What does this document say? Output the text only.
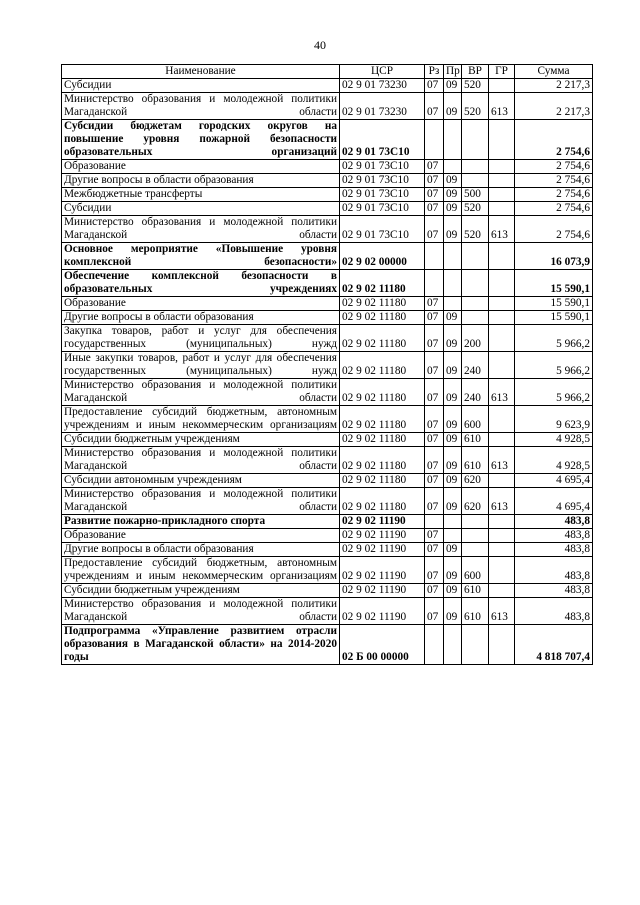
40
Наименование	ЦСР	Рз	Пр	ВР	ГР	Сумма
Субсидии	02 9 01 73230	07	09	520		2 217,3
Министерство образования и молодежной политики Магаданской области	02 9 01 73230	07	09	520	613	2 217,3
Субсидии бюджетам городских округов на повышение уровня пожарной безопасности образовательных организаций	02 9 01 73С10					2 754,6
Образование	02 9 01 73С10	07				2 754,6
Другие вопросы в области образования	02 9 01 73С10	07	09			2 754,6
Межбюджетные трансферты	02 9 01 73С10	07	09	500		2 754,6
Субсидии	02 9 01 73С10	07	09	520		2 754,6
Министерство образования и молодежной политики Магаданской области	02 9 01 73С10	07	09	520	613	2 754,6
Основное мероприятие «Повышение уровня комплексной безопасности»	02 9 02 00000					16 073,9
Обеспечение комплексной безопасности в образовательных учреждениях	02 9 02 11180					15 590,1
Образование	02 9 02 11180	07				15 590,1
Другие вопросы в области образования	02 9 02 11180	07	09			15 590,1
Закупка товаров, работ и услуг для обеспечения государственных (муниципальных) нужд	02 9 02 11180	07	09	200		5 966,2
Иные закупки товаров, работ и услуг для обеспечения государственных (муниципальных) нужд	02 9 02 11180	07	09	240		5 966,2
Министерство образования и молодежной политики Магаданской области	02 9 02 11180	07	09	240	613	5 966,2
Предоставление субсидий бюджетным, автономным учреждениям и иным некоммерческим организациям	02 9 02 11180	07	09	600		9 623,9
Субсидии бюджетным учреждениям	02 9 02 11180	07	09	610		4 928,5
Министерство образования и молодежной политики Магаданской области	02 9 02 11180	07	09	610	613	4 928,5
Субсидии автономным учреждениям	02 9 02 11180	07	09	620		4 695,4
Министерство образования и молодежной политики Магаданской области	02 9 02 11180	07	09	620	613	4 695,4
Развитие пожарно-прикладного спорта	02 9 02 11190					483,8
Образование	02 9 02 11190	07				483,8
Другие вопросы в области образования	02 9 02 11190	07	09			483,8
Предоставление субсидий бюджетным, автономным учреждениям и иным некоммерческим организациям	02 9 02 11190	07	09	600		483,8
Субсидии бюджетным учреждениям	02 9 02 11190	07	09	610		483,8
Министерство образования и молодежной политики Магаданской области	02 9 02 11190	07	09	610	613	483,8
Подпрограмма «Управление развитием отрасли образования в Магаданской области» на 2014-2020 годы	02 Б 00 00000					4 818 707,4
